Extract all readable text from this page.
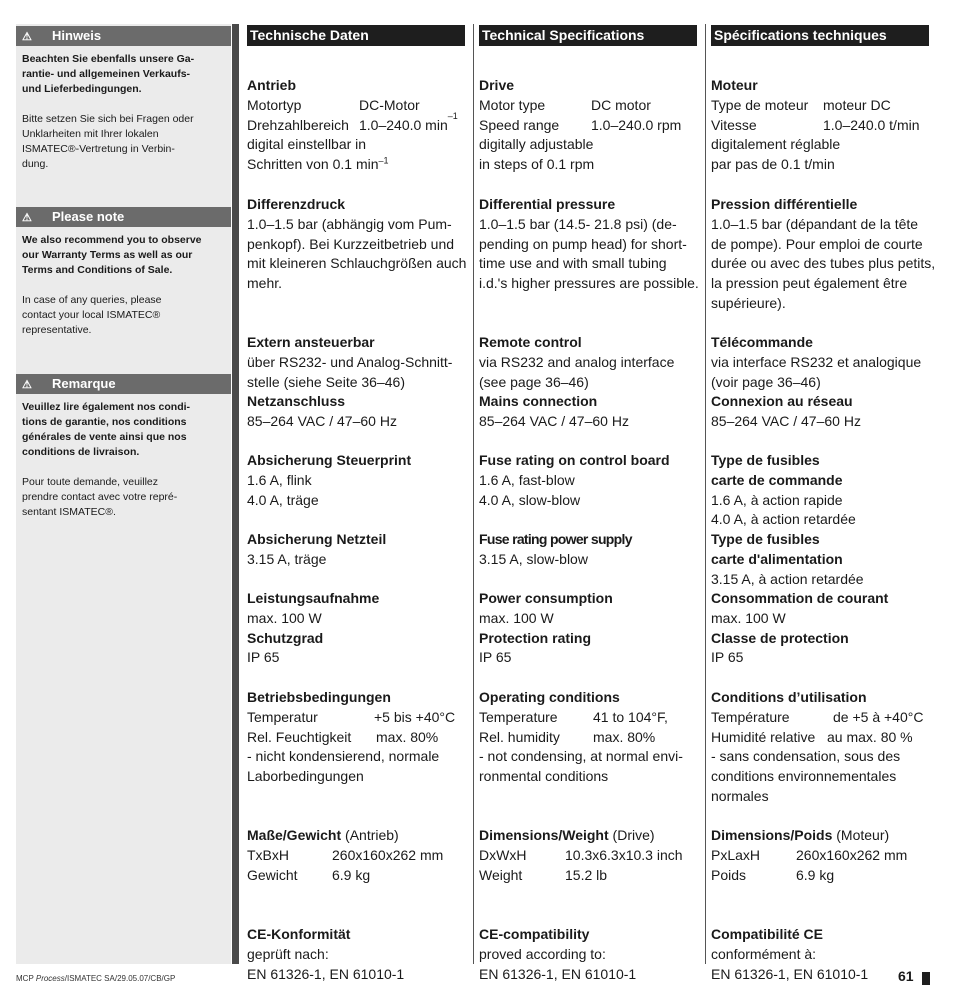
⚠ Hinweis

Beachten Sie ebenfalls unsere Ga-
rantie- und allgemeinen Verkaufs-
und Lieferbedingungen.

Bitte setzen Sie sich bei Fragen oder
Unklarheiten mit Ihrer lokalen
ISMATEC®-Vertretung in Verbin-
dung.

⚠ Please note

We also recommend you to observe
our Warranty Terms as well as our
Terms and Conditions of Sale.

In case of any queries, please
contact your local ISMATEC®
representative.

⚠ Remarque

Veuillez lire également nos condi-
tions de garantie, nos conditions
générales de vente ainsi que nos
conditions de livraison.

Pour toute demande, veuillez
prendre contact avec votre repré-
sentant ISMATEC®.

Technische Daten
Antrieb
Motortyp	DC-Motor
Drehzahlbereich 1.0–240.0 min
–1
digital einstellbar in
Schritten von 0.1 $\min^{-1}$
Differenzdruck
1.0–1.5 bar (abhängig vom Pum-
penkopf). Bei Kurzzeitbetrieb und
mit kleineren Schlauchgrößen auch
mehr.
Extern ansteuerbar
über RS232- und Analog-Schnitt-
stelle (siehe Seite 36–46)
Netzanschluss
85–264 VAC / 47–60 Hz
Absicherung Steuerprint
1.6 A, flink
4.0 A, träge
Absicherung Netzteil
3.15 A, träge
Leistungsaufnahme
max. 100 W
Schutzgrad
IP 65
Betriebsbedingungen
Temperatur	+5 bis +40°C
Rel. Feuchtigkeit	max. 80%
- nicht kondensierend, normale
Laborbedingungen
Maße/Gewicht (Antrieb)
TxBxH	260x160x262 mm
Gewicht	6.9 kg
CE-Konformität
geprüft nach:
EN 61326-1, EN 61010-1
Technical Specifications
Drive
Motor type	DC motor
Speed range	1.0–240.0 rpm
digitally adjustable
in steps of 0.1 rpm
Differential pressure
1.0–1.5 bar (14.5- 21.8 psi) (de-
pending on pump head) for short-
time use and with small tubing
i.d.'s higher pressures are possible.
Remote control
via RS232 and analog interface
(see page 36–46)
Mains connection
85–264 VAC / 47–60 Hz
Fuse rating on control board
1.6 A, fast-blow
4.0 A, slow-blow
Fuse rating power supply
3.15 A, slow-blow
Power consumption
max. 100 W
Protection rating
IP 65
Operating conditions
Temperature	41 to 104°F,
Rel. humidity	max. 80%
- not condensing, at normal envi-
ronmental conditions
Dimensions/Weight (Drive)
DxWxH	10.3x6.3x10.3 inch
Weight	15.2 lb
CE-compatibility
proved according to:
EN 61326-1, EN 61010-1
Spécifications techniques
Moteur
Type de moteur	moteur DC
Vitesse	1.0–240.0 t/min
digitalement réglable
par pas de 0.1 t/min
Pression différentielle
1.0–1.5 bar (dépandant de la tête
de pompe). Pour emploi de courte
durée ou avec des tubes plus petits,
la pression peut également être
supérieure).
Télécommande
via interface RS232 et analogique
(voir page 36–46)
Connexion au réseau
85–264 VAC / 47–60 Hz
Type de fusibles
carte de commande
1.6 A, à action rapide
4.0 A, à action retardée
Type de fusibles
carte d'alimentation
3.15 A, à action retardée
Consommation de courant
max. 100 W
Classe de protection
IP 65
Conditions d’utilisation
Température	de +5 à +40°C
Humidité relative au max. 80 %
- sans condensation, sous des
conditions environnementales
normales
Dimensions/Poids (Moteur)
PxLaxH	260x160x262 mm
Poids	6.9 kg
Compatibilité CE
conformément à:
EN 61326-1, EN 61010-1
MCP Process/ISMATEC SA/29.05.07/CB/GP	61
